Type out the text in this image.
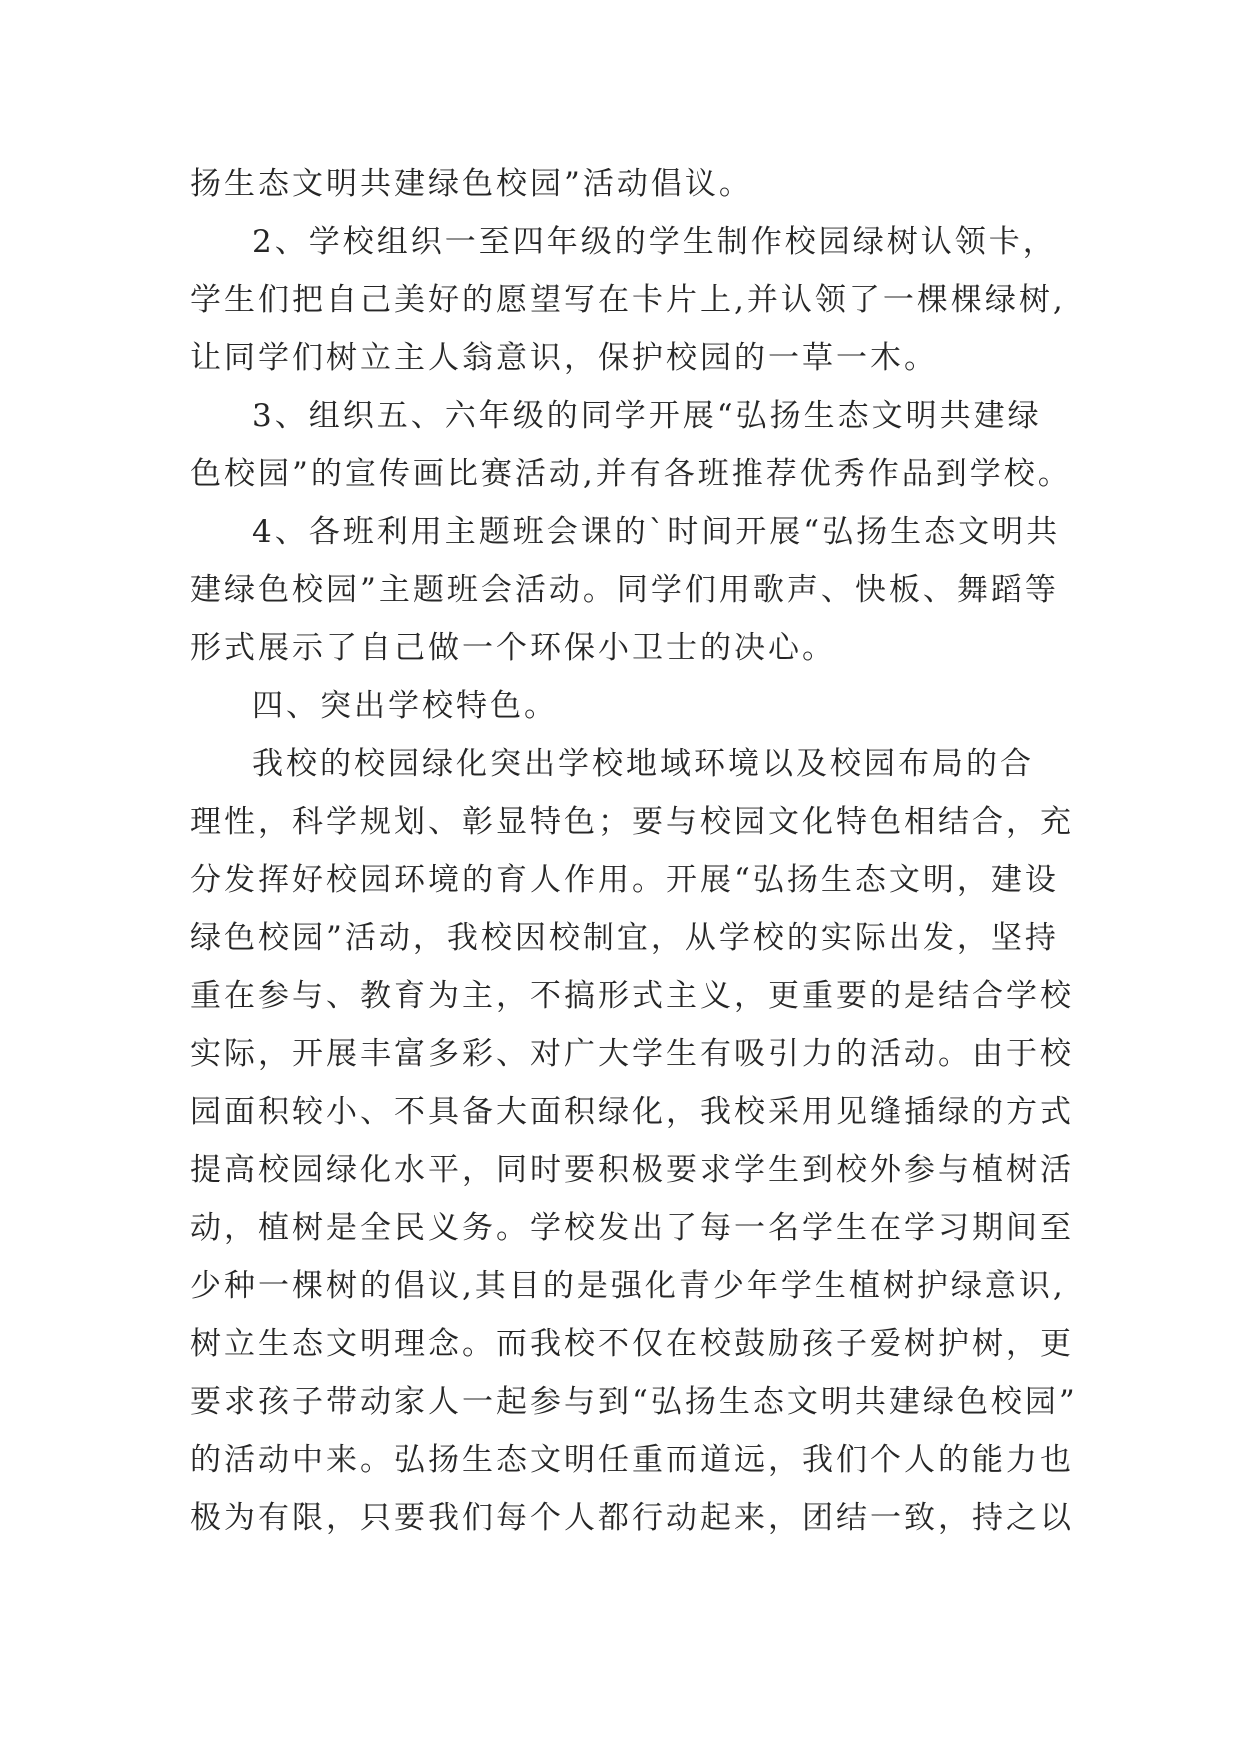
扬生态文明共建绿色校园”活动倡议。
2、学校组织一至四年级的学生制作校园绿树认领卡，
学生们把自己美好的愿望写在卡片上,并认领了一棵棵绿树,
让同学们树立主人翁意识，保护校园的一草一木。
3、组织五、六年级的同学开展“弘扬生态文明共建绿
色校园”的宣传画比赛活动,并有各班推荐优秀作品到学校。
4、各班利用主题班会课的`时间开展“弘扬生态文明共
建绿色校园”主题班会活动。同学们用歌声、快板、舞蹈等
形式展示了自己做一个环保小卫士的决心。
四、突出学校特色。
我校的校园绿化突出学校地域环境以及校园布局的合
理性，科学规划、彰显特色；要与校园文化特色相结合，充
分发挥好校园环境的育人作用。开展“弘扬生态文明，建设
绿色校园”活动，我校因校制宜，从学校的实际出发，坚持
重在参与、教育为主，不搞形式主义，更重要的是结合学校
实际，开展丰富多彩、对广大学生有吸引力的活动。由于校
园面积较小、不具备大面积绿化，我校采用见缝插绿的方式
提高校园绿化水平，同时要积极要求学生到校外参与植树活
动，植树是全民义务。学校发出了每一名学生在学习期间至
少种一棵树的倡议,其目的是强化青少年学生植树护绿意识,
树立生态文明理念。而我校不仅在校鼓励孩子爱树护树，更
要求孩子带动家人一起参与到“弘扬生态文明共建绿色校园”
的活动中来。弘扬生态文明任重而道远，我们个人的能力也
极为有限，只要我们每个人都行动起来，团结一致，持之以
